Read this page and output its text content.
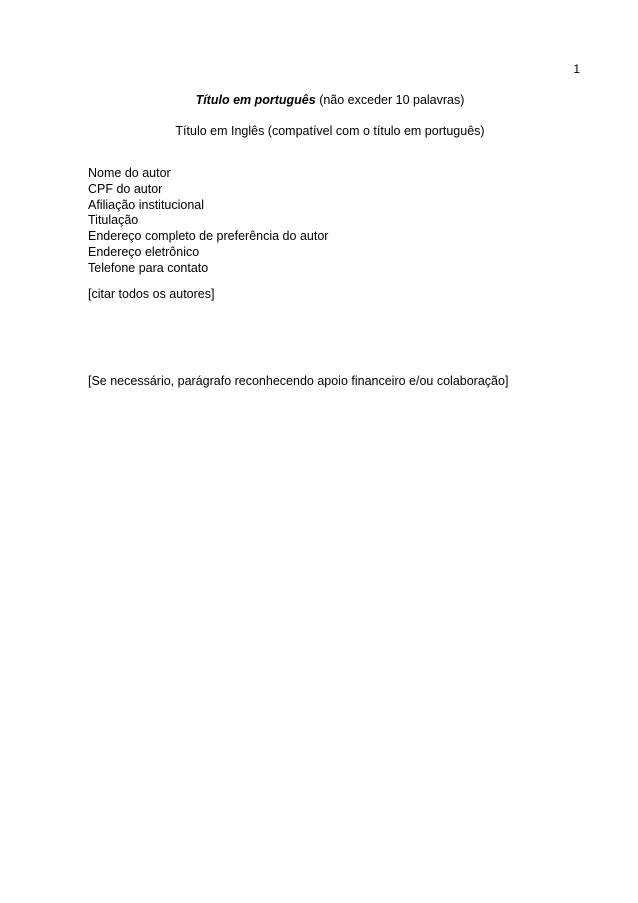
1
Título em português (não exceder 10 palavras)
Título em Inglês (compatível com o título em português)
Nome do autor
CPF do autor
Afiliação institucional
Titulação
Endereço completo de preferência do autor
Endereço eletrônico
Telefone para contato
[citar todos os autores]
[Se necessário, parágrafo reconhecendo apoio financeiro e/ou colaboração]
